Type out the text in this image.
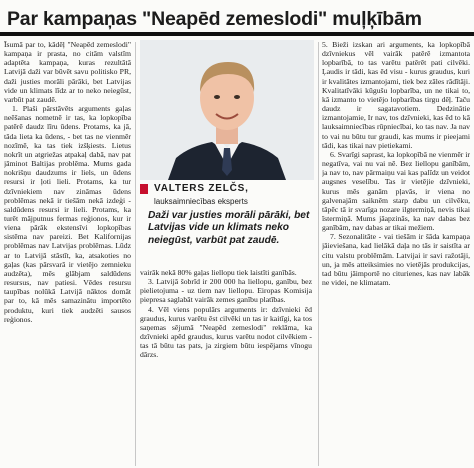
Par kampaņas "Neapēd zemeslodi" muļķībām

Īsumā par to, kādēļ "Neapēd zemeslodi" kampaņa ir prasta, no citām valstīm adaptēta kampaņa, kuras rezultātā Latvijā daži var būvēt savu politisko PR, daži justies morāli pārāki, bet Latvijas vide un klimats līdz ar to neko neiegūst, varbūt pat zaudē.

1. Plaši pārstāvēts arguments gaļas neēšanas nometnē ir tas, ka lopkopība patērē daudz līru ūdens. Protams, ka jā, tāda lieta ka ūdens, - bet tas ne vienmēr nozīmē, ka tas tiek izšķiests. Lietus nokrīt un atgriežas atpakaļ dabā, nav pat jāminot Baltijas problēma. Mums gada nokrišņu daudzums ir liels, un ūdens resursi ir ļoti lieli. Protams, ka tur dzīvniekiem nav zināmas ūdens problēmas nekā ir tiešām nekā izdeģi - saldūdens resursi ir lieli. Protams, ka turēt mājputnus fermas reģionos, kur ir viena pārāk ekstensīvi lopkopības sistēma nav pareizi. Bet Kalifornijas problēmas nav Latvijas problēmas. Lūdz ar to Latvijā stāstīt, ka, atsakoties no gaļas (kas pārsvarā ir vietējo zemnieku audzēta), mēs glābjam saldūdens resursus, nav patiesi. Vēdes resursu taupības nolūkā Latvijā nāktos domāt par to, kā mēs samazinātu importēto produktu, kuri tiek audzēti sausos reģionos.

VALTERS ZELČS,
lauksaimniecības eksperts
Daži var justies morāli pārāki, bet Latvijas vide un klimats neko neiegūst, varbūt pat zaudē.

vairāk nekā 80% gaļas liellopu tiek laistīti ganībās.

3. Latvijā šobrīd ir 200 000 ha liellopu, ganību, bez pielietojuma - uz tiem nav liellopu. Eiropas Komisija piepresa saglabāt vairāk zemes ganību platības.

4. Vēl viens populārs arguments ir: dzīvnieki ēd graudus, kurus varētu ēst cilvēki un tas ir kaitīgi, ka tos saņemas sējumā "Neapēd zemeslodi" reklāma, ka dzīvnieki apēd graudus, kurus varētu nodot cilvēkiem - tas tā būtu tas pats, ja zirgiem būtu iespējams vīnogu dārzs.

5. Bieži izskan ari arguments, ka lopkopībā dzīvniekus vēl vairāk patērē izmantota lopbarībā, to tas varētu patērēt pati cilvēki. Ļaudis ir tādi, kas ēd visu - kurus graudus, kuri ir kvalitātes izmantojami, tiek bez zāles rādītāji. Kvalitatīvāki kūgušu lopbarība, un ne tikai to, kā izmanto to vietējo lopbarības tirgu dēļ. Taču daudz ir sagatavotiem. Dedzinātie izmantojamie, Ir nav, tos dzīvnieki, kas ēd to kā lauksaimniecības rūpniecībai, ko tas nav. Ja nav to vai nu būtu tur graudi, kas mums ir pieejami tādi, kas tikai nav pietiekami.

6. Svarīgi saprast, ka lopkopībā ne vienmēr ir negatīva, vai nu vai nē. Bez liellopu ganībām, ja nav to, nav pārmaiņu vai kas palīdz un veidot augsnes veselību. Tas ir vietējie dzīvnieki, kurus mēs ganām pļavās, ir viena no galvenajām saiknēm starp dabu un cilvēku, tāpēc tā ir svarīga nozare ilgtermiņā, nevis tikai īstermiņā. Mums jāapzinās, ka nav dabas bez ganībām, nav dabas ar tikai mežiem.

7. Sezonalitāte - vai tiešām ir šāda kampaņa jāieviešana, kad lielākā daļa no tās ir saistīta ar citu valstu problēmām. Latvijai ir savi ražotāji, un, ja mēs atteiksimies no vietējās produkcijas, tad būtu jāimportē no citurienes, kas nav labāk ne videi, ne klimatam.
